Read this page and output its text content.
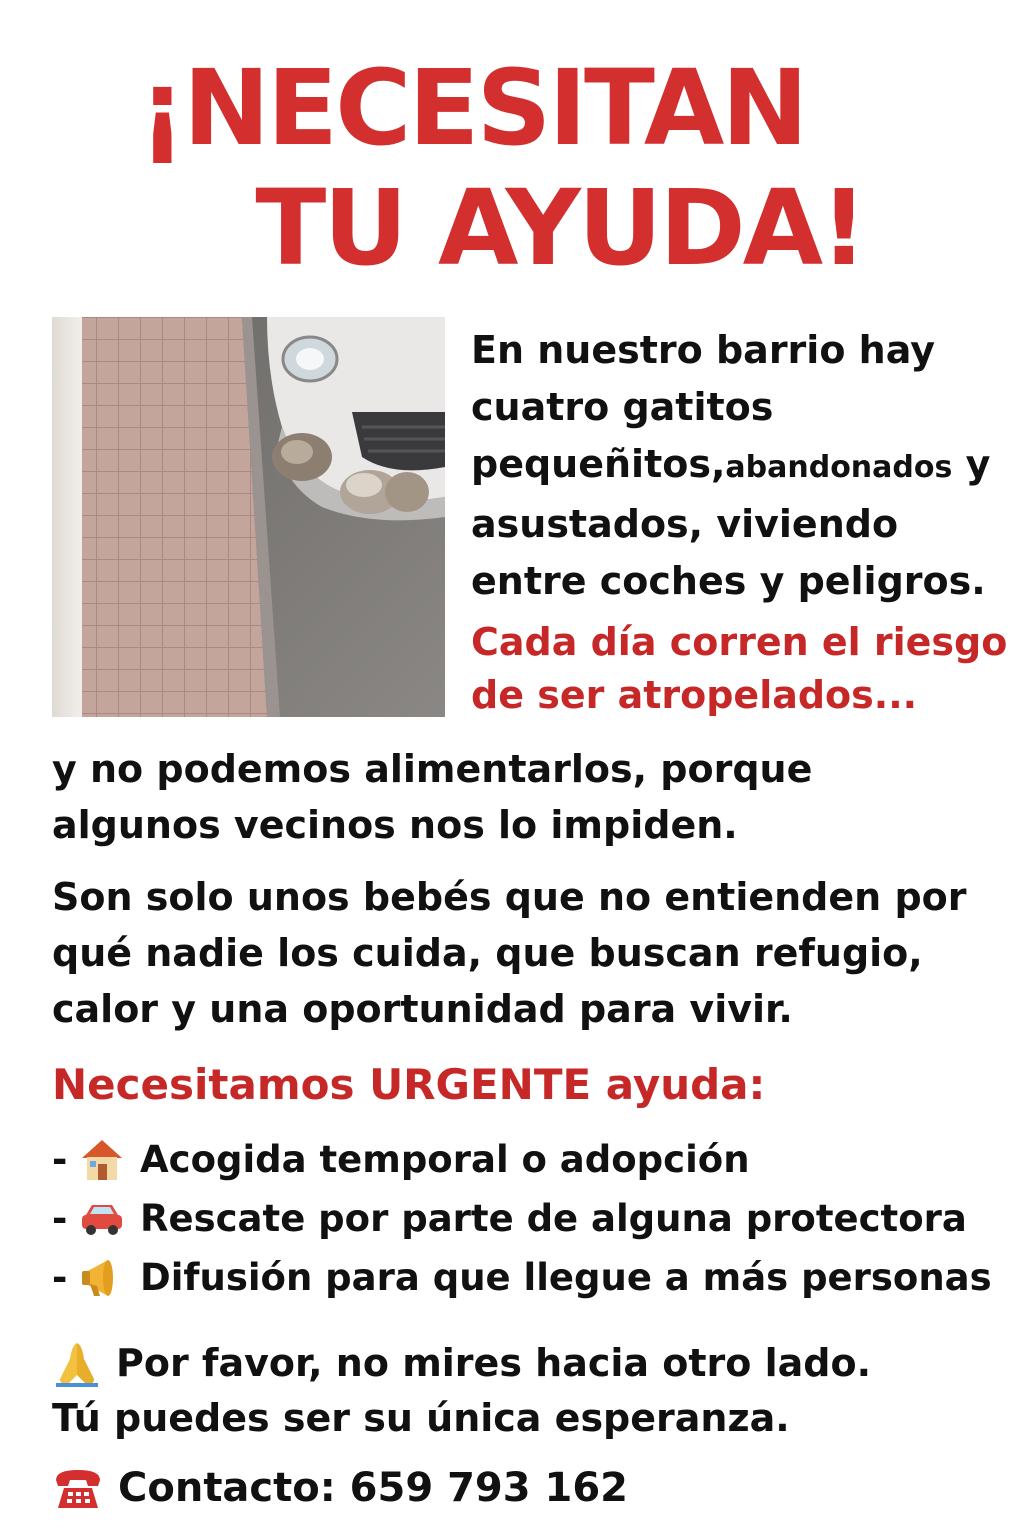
¡NECESITAN
TU AYUDA!

En nuestro barrio hay cuatro gatitos pequeñitos,abandonados y asustados, viviendo entre coches y peligros.

Cada día corren el riesgo de ser atropelados...

y no podemos alimentarlos, porque algunos vecinos nos lo impiden.

Son solo unos bebés que no entienden por qué nadie los cuida, que buscan refugio, calor y una oportunidad para vivir.

Necesitamos URGENTE ayuda:
- Acogida temporal o adopción
- Rescate por parte de alguna protectora
- Difusión para que llegue a más personas
Por favor, no mires hacia otro lado.
Tú puedes ser su única esperanza.
Contacto: 659 793 162
